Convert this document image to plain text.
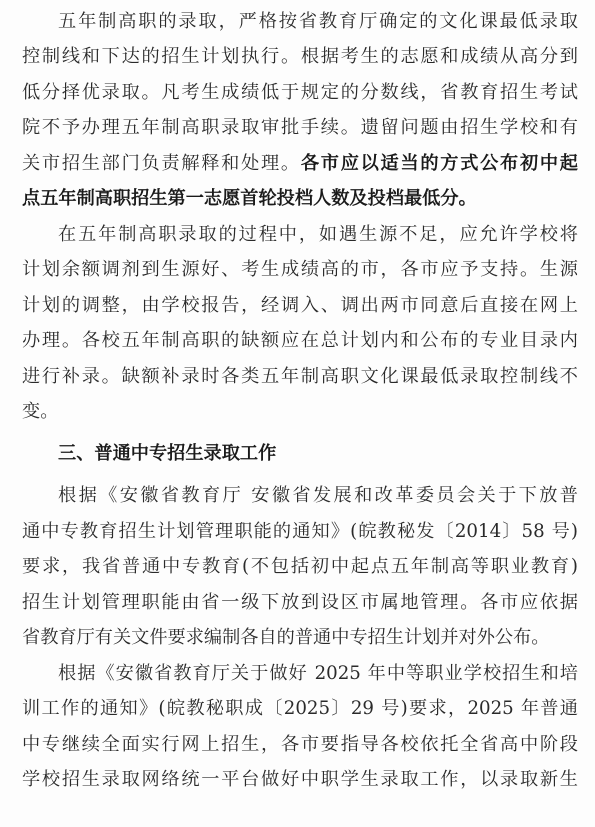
五年制高职的录取，严格按省教育厅确定的文化课最低录取
控制线和下达的招生计划执行。根据考生的志愿和成绩从高分到
低分择优录取。凡考生成绩低于规定的分数线，省教育招生考试
院不予办理五年制高职录取审批手续。遗留问题由招生学校和有
关市招生部门负责解释和处理。各市应以适当的方式公布初中起
点五年制高职招生第一志愿首轮投档人数及投档最低分。
在五年制高职录取的过程中，如遇生源不足，应允许学校将
计划余额调剂到生源好、考生成绩高的市，各市应予支持。生源
计划的调整，由学校报告，经调入、调出两市同意后直接在网上
办理。各校五年制高职的缺额应在总计划内和公布的专业目录内
进行补录。缺额补录时各类五年制高职文化课最低录取控制线不
变。
三、普通中专招生录取工作
根据《安徽省教育厅 安徽省发展和改革委员会关于下放普
通中专教育招生计划管理职能的通知》(皖教秘发〔2014〕58 号)
要求，我省普通中专教育(不包括初中起点五年制高等职业教育)
招生计划管理职能由省一级下放到设区市属地管理。各市应依据
省教育厅有关文件要求编制各自的普通中专招生计划并对外公布。
根据《安徽省教育厅关于做好 2025 年中等职业学校招生和培
训工作的通知》(皖教秘职成〔2025〕29 号)要求，2025 年普通
中专继续全面实行网上招生，各市要指导各校依托全省高中阶段
学校招生录取网络统一平台做好中职学生录取工作，以录取新生
